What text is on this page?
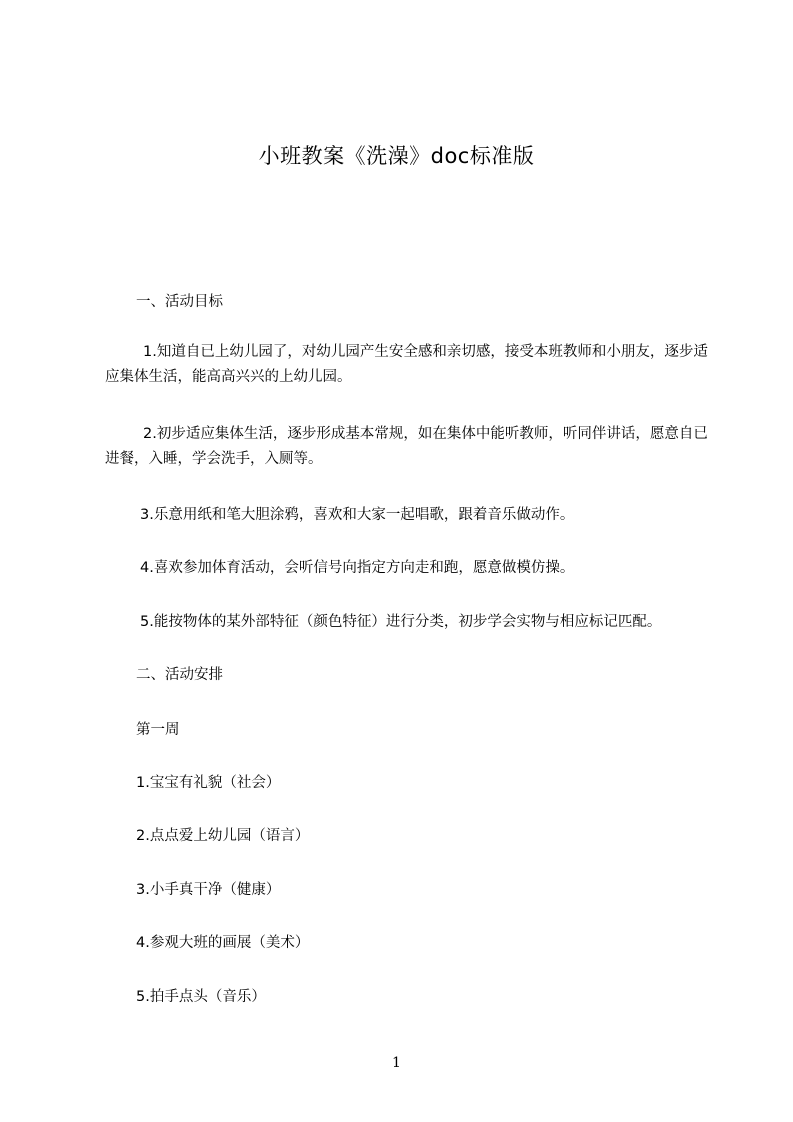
小班教案《洗澡》doc标准版

一、活动目标

1.知道自已上幼儿园了，对幼儿园产生安全感和亲切感，接受本班教师和小朋友，逐步适应集体生活，能高高兴兴的上幼儿园。

2.初步适应集体生活，逐步形成基本常规，如在集体中能听教师，听同伴讲话，愿意自已进餐，入睡，学会洗手，入厕等。

3.乐意用纸和笔大胆涂鸦，喜欢和大家一起唱歌，跟着音乐做动作。

4.喜欢参加体育活动，会听信号向指定方向走和跑，愿意做模仿操。

5.能按物体的某外部特征（颜色特征）进行分类，初步学会实物与相应标记匹配。

二、活动安排

第一周

1.宝宝有礼貌（社会）

2.点点爱上幼儿园（语言）

3.小手真干净（健康）

4.参观大班的画展（美术）

5.拍手点头（音乐）

1
